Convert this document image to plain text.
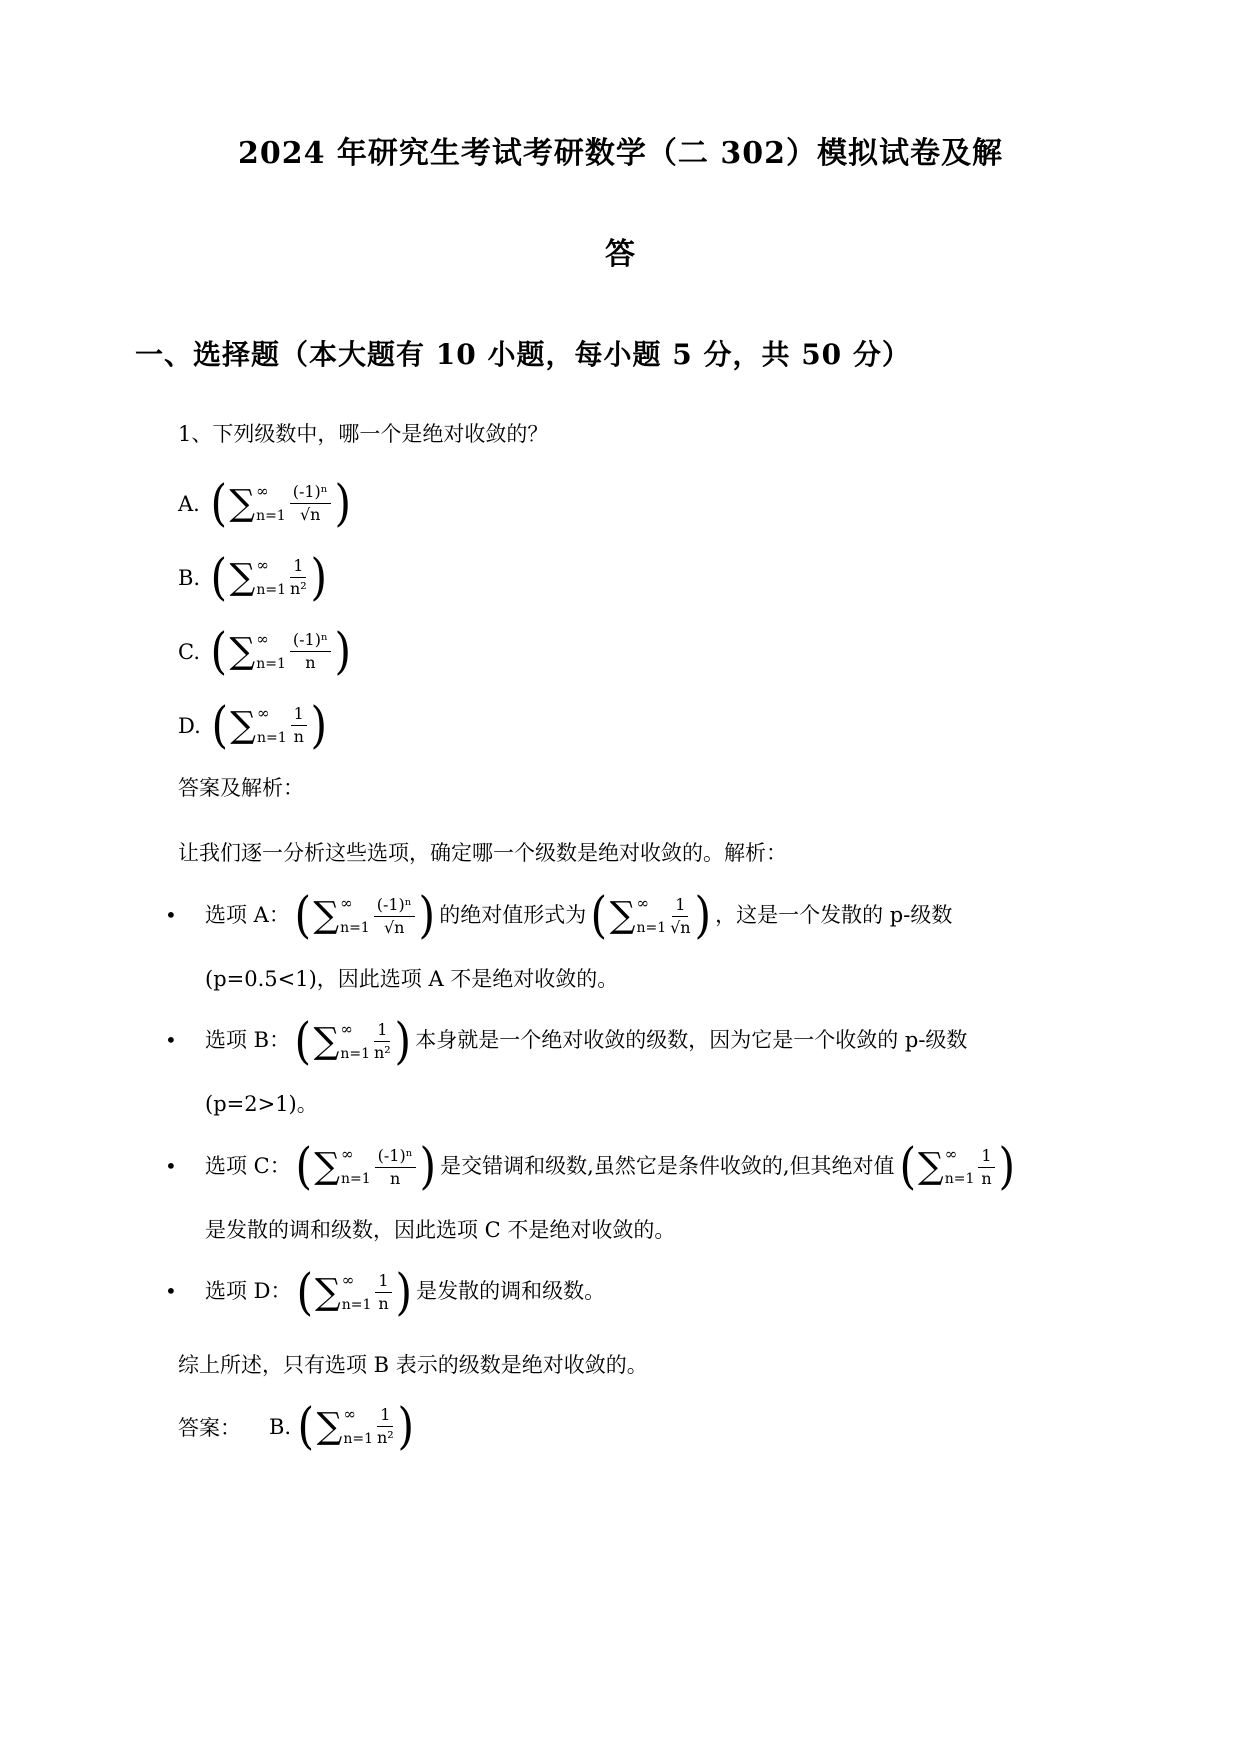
2024 年研究生考试考研数学（二 302）模拟试卷及解

答

一、选择题（本大题有 10 小题，每小题 5 分，共 50 分）

1、下列级数中，哪一个是绝对收敛的？

A. ( ∑ ∞
$n=1 \frac{\text{(-1)ⁿ}}{√n}$ )
B. ( ∑ ∞
$n=1 \frac{1}{\text{n²}}$ )
C. ( ∑ ∞
$n=1 \frac{\text{(-1)ⁿ}}{n}$ )
D. ( ∑ ∞
$n=1 \frac{1}{n}$ )

答案及解析：

让我们逐一分析这些选项，确定哪一个级数是绝对收敛的。解析：

•	选项 A： ( ∑ ∞
$n=1 \frac{\text{(-1)ⁿ}}{√n}$ ) 的绝对值形式为 ( ∑ ∞
$n=1 \frac{1}{√n}$ ) ，这是一个发散的 p-级数

(p=0.5<1)，因此选项 A 不是绝对收敛的。

•	选项 B： ( ∑ ∞
$n=1 \frac{1}{\text{n²}}$ ) 本身就是一个绝对收敛的级数，因为它是一个收敛的 p-级数

(p=2>1)。

•	选项 C： ( ∑ ∞
$n=1 \frac{\text{(-1)ⁿ}}{n}$ ) 是交错调和级数,虽然它是条件收敛的,但其绝对值 ( ∑ ∞
$n=1 \frac{1}{n}$ )

是发散的调和级数，因此选项 C 不是绝对收敛的。

•	选项 D： ( ∑ ∞
$n=1 \frac{1}{n}$ ) 是发散的调和级数。

综上所述，只有选项 B 表示的级数是绝对收敛的。

答案： B. ( ∑ ∞
$n=1 \frac{1}{\text{n²}}$ )
